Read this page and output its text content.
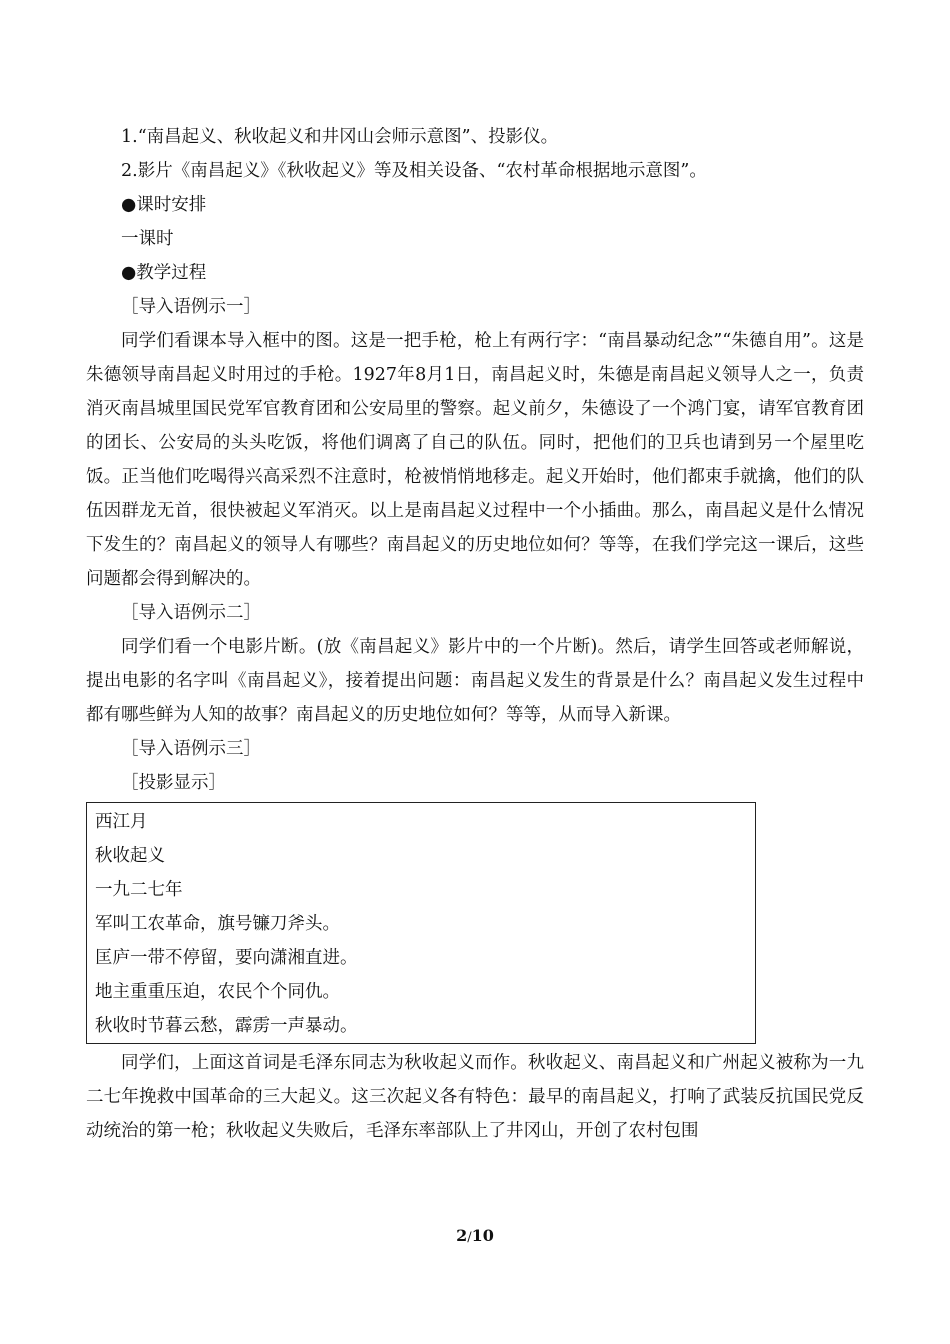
1.“南昌起义、秋收起义和井冈山会师示意图”、投影仪。

2.影片《南昌起义》《秋收起义》等及相关设备、“农村革命根据地示意图”。

●课时安排

一课时

●教学过程

［导入语例示一］

同学们看课本导入框中的图。这是一把手枪，枪上有两行字：“南昌暴动纪念”“朱德自用”。这是朱德领导南昌起义时用过的手枪。1927年8月1日，南昌起义时，朱德是南昌起义领导人之一，负责消灭南昌城里国民党军官教育团和公安局里的警察。起义前夕，朱德设了一个鸿门宴，请军官教育团的团长、公安局的头头吃饭，将他们调离了自己的队伍。同时，把他们的卫兵也请到另一个屋里吃饭。正当他们吃喝得兴高采烈不注意时，枪被悄悄地移走。起义开始时，他们都束手就擒，他们的队伍因群龙无首，很快被起义军消灭。以上是南昌起义过程中一个小插曲。那么，南昌起义是什么情况下发生的？南昌起义的领导人有哪些？南昌起义的历史地位如何？等等，在我们学完这一课后，这些问题都会得到解决的。

［导入语例示二］

同学们看一个电影片断。(放《南昌起义》影片中的一个片断)。然后，请学生回答或老师解说，提出电影的名字叫《南昌起义》，接着提出问题：南昌起义发生的背景是什么？南昌起义发生过程中都有哪些鲜为人知的故事？南昌起义的历史地位如何？等等，从而导入新课。

［导入语例示三］

［投影显示］

西江月

秋收起义

一九二七年

军叫工农革命，旗号镰刀斧头。

匡庐一带不停留，要向潇湘直进。

地主重重压迫，农民个个同仇。

秋收时节暮云愁，霹雳一声暴动。

同学们，上面这首词是毛泽东同志为秋收起义而作。秋收起义、南昌起义和广州起义被称为一九二七年挽救中国革命的三大起义。这三次起义各有特色：最早的南昌起义，打响了武装反抗国民党反动统治的第一枪；秋收起义失败后，毛泽东率部队上了井冈山，开创了农村包围

2/10
